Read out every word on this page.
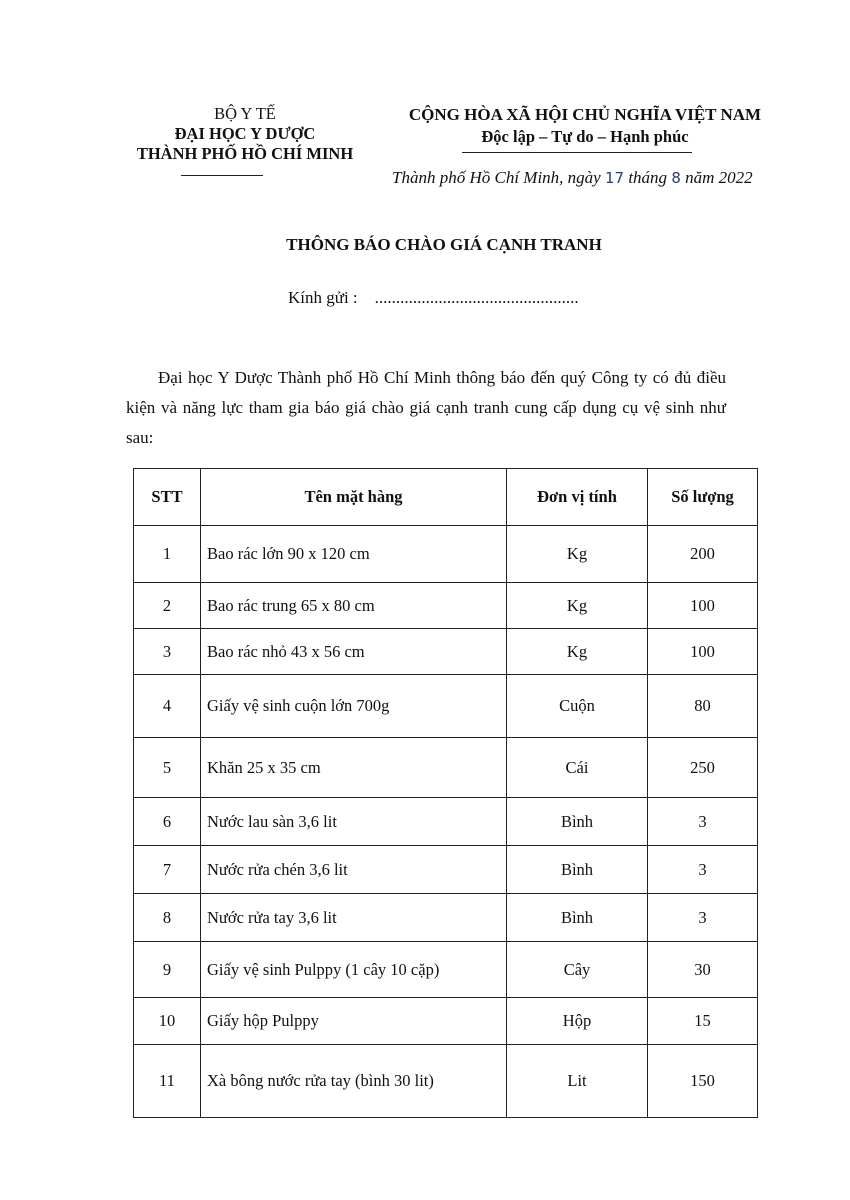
BỘ Y TẾ
ĐẠI HỌC Y DƯỢC
THÀNH PHỐ HỒ CHÍ MINH
CỘNG HÒA XÃ HỘI CHỦ NGHĨA VIỆT NAM
Độc lập – Tự do – Hạnh phúc
Thành phố Hồ Chí Minh, ngày 17 tháng 8 năm 2022
THÔNG BÁO CHÀO GIÁ CẠNH TRANH
Kính gửi : ................................................
Đại học Y Dược Thành phố Hồ Chí Minh thông báo đến quý Công ty có đủ điều kiện và năng lực tham gia báo giá chào giá cạnh tranh cung cấp dụng cụ vệ sinh như sau:
STT	Tên mặt hàng	Đơn vị tính	Số lượng
1	Bao rác lớn 90 x 120 cm	Kg	200
2	Bao rác trung 65 x 80 cm	Kg	100
3	Bao rác nhỏ 43 x 56 cm	Kg	100
4	Giấy vệ sinh cuộn lớn 700g	Cuộn	80
5	Khăn 25 x 35 cm	Cái	250
6	Nước lau sàn 3,6 lit	Bình	3
7	Nước rửa chén 3,6 lit	Bình	3
8	Nước rửa tay 3,6 lit	Bình	3
9	Giấy vệ sinh Pulppy (1 cây 10 cặp)	Cây	30
10	Giấy hộp Pulppy	Hộp	15
11	Xà bông nước rửa tay (bình 30 lit)	Lit	150
